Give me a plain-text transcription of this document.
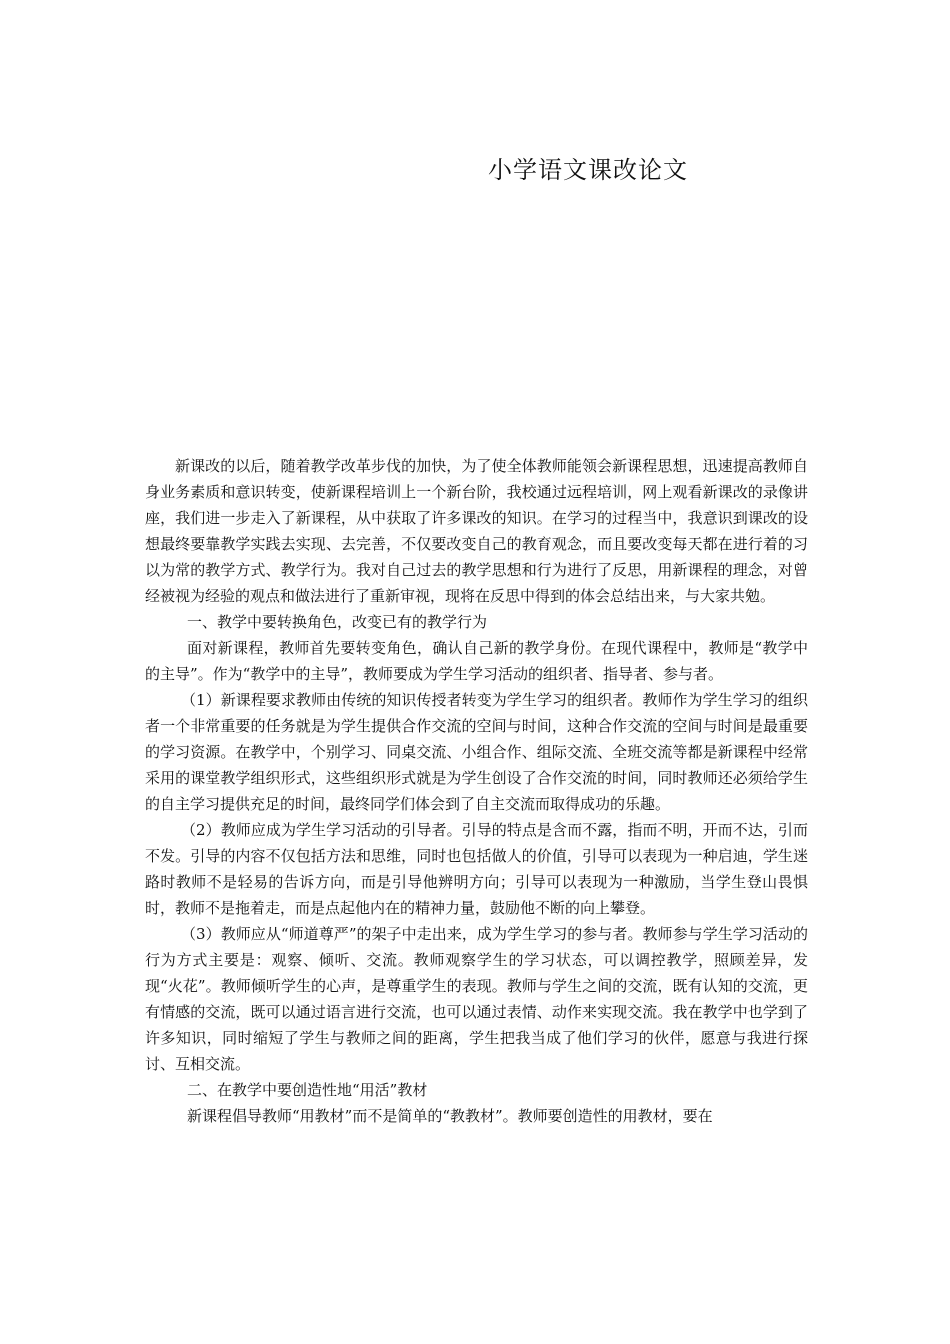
小学语文课改论文

新课改的以后，随着教学改革步伐的加快，为了使全体教师能领会新课程思想，迅速提高教师自身业务素质和意识转变，使新课程培训上一个新台阶，我校通过远程培训，网上观看新课改的录像讲座，我们进一步走入了新课程，从中获取了许多课改的知识。在学习的过程当中，我意识到课改的设想最终要靠教学实践去实现、去完善，不仅要改变自己的教育观念，而且要改变每天都在进行着的习以为常的教学方式、教学行为。我对自己过去的教学思想和行为进行了反思，用新课程的理念，对曾经被视为经验的观点和做法进行了重新审视，现将在反思中得到的体会总结出来，与大家共勉。

一、教学中要转换角色，改变已有的教学行为

面对新课程，教师首先要转变角色，确认自己新的教学身份。在现代课程中，教师是“教学中的主导”。作为“教学中的主导”，教师要成为学生学习活动的组织者、指导者、参与者。

（1）新课程要求教师由传统的知识传授者转变为学生学习的组织者。教师作为学生学习的组织者一个非常重要的任务就是为学生提供合作交流的空间与时间，这种合作交流的空间与时间是最重要的学习资源。在教学中，个别学习、同桌交流、小组合作、组际交流、全班交流等都是新课程中经常采用的课堂教学组织形式，这些组织形式就是为学生创设了合作交流的时间，同时教师还必须给学生的自主学习提供充足的时间，最终同学们体会到了自主交流而取得成功的乐趣。

（2）教师应成为学生学习活动的引导者。引导的特点是含而不露，指而不明，开而不达，引而不发。引导的内容不仅包括方法和思维，同时也包括做人的价值，引导可以表现为一种启迪，学生迷路时教师不是轻易的告诉方向，而是引导他辨明方向；引导可以表现为一种激励，当学生登山畏惧时，教师不是拖着走，而是点起他内在的精神力量，鼓励他不断的向上攀登。

（3）教师应从“师道尊严”的架子中走出来，成为学生学习的参与者。教师参与学生学习活动的行为方式主要是：观察、倾听、交流。教师观察学生的学习状态，可以调控教学，照顾差异，发现“火花”。教师倾听学生的心声，是尊重学生的表现。教师与学生之间的交流，既有认知的交流，更有情感的交流，既可以通过语言进行交流，也可以通过表情、动作来实现交流。我在教学中也学到了许多知识，同时缩短了学生与教师之间的距离，学生把我当成了他们学习的伙伴，愿意与我进行探讨、互相交流。

二、在教学中要创造性地“用活”教材

新课程倡导教师“用教材”而不是简单的“教教材”。教师要创造性的用教材，要在
